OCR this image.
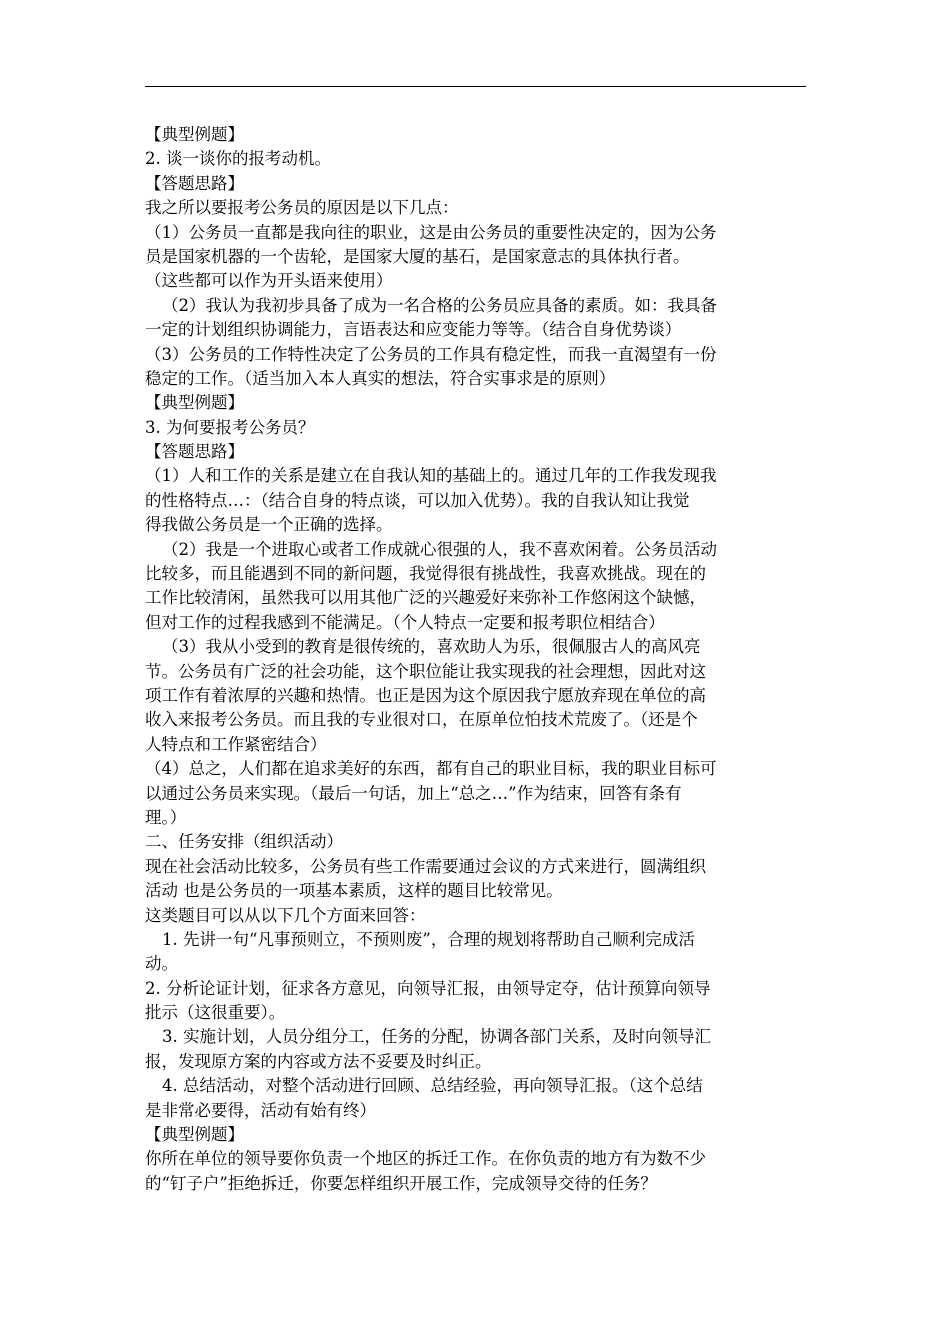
【典型例题】
2. 谈一谈你的报考动机。
【答题思路】
我之所以要报考公务员的原因是以下几点：
（1）公务员一直都是我向往的职业，这是由公务员的重要性决定的，因为公务
员是国家机器的一个齿轮，是国家大厦的基石，是国家意志的具体执行者。
（这些都可以作为开头语来使用）
（2）我认为我初步具备了成为一名合格的公务员应具备的素质。如：我具备
一定的计划组织协调能力，言语表达和应变能力等等。（结合自身优势谈）
（3）公务员的工作特性决定了公务员的工作具有稳定性，而我一直渴望有一份
稳定的工作。（适当加入本人真实的想法，符合实事求是的原则）
【典型例题】
3. 为何要报考公务员？
【答题思路】
（1）人和工作的关系是建立在自我认知的基础上的。通过几年的工作我发现我
的性格特点…：（结合自身的特点谈，可以加入优势）。我的自我认知让我觉
得我做公务员是一个正确的选择。
（2）我是一个进取心或者工作成就心很强的人，我不喜欢闲着。公务员活动
比较多，而且能遇到不同的新问题，我觉得很有挑战性，我喜欢挑战。现在的
工作比较清闲，虽然我可以用其他广泛的兴趣爱好来弥补工作悠闲这个缺憾，
但对工作的过程我感到不能满足。（个人特点一定要和报考职位相结合）
（3）我从小受到的教育是很传统的，喜欢助人为乐，很佩服古人的高风亮
节。公务员有广泛的社会功能，这个职位能让我实现我的社会理想，因此对这
项工作有着浓厚的兴趣和热情。也正是因为这个原因我宁愿放弃现在单位的高
收入来报考公务员。而且我的专业很对口，在原单位怕技术荒废了。（还是个
人特点和工作紧密结合）
（4）总之，人们都在追求美好的东西，都有自己的职业目标，我的职业目标可
以通过公务员来实现。（最后一句话，加上“总之…”作为结束，回答有条有
理。）
二、任务安排（组织活动）
现在社会活动比较多，公务员有些工作需要通过会议的方式来进行，圆满组织
活动 也是公务员的一项基本素质，这样的题目比较常见。
这类题目可以从以下几个方面来回答：
1. 先讲一句“凡事预则立，不预则废”，合理的规划将帮助自己顺利完成活
动。
2. 分析论证计划，征求各方意见，向领导汇报，由领导定夺，估计预算向领导
批示（这很重要）。
3. 实施计划，人员分组分工，任务的分配，协调各部门关系，及时向领导汇
报，发现原方案的内容或方法不妥要及时纠正。
4. 总结活动，对整个活动进行回顾、总结经验，再向领导汇报。（这个总结
是非常必要得，活动有始有终）
【典型例题】
你所在单位的领导要你负责一个地区的拆迁工作。在你负责的地方有为数不少
的“钉子户”拒绝拆迁，你要怎样组织开展工作，完成领导交待的任务？
